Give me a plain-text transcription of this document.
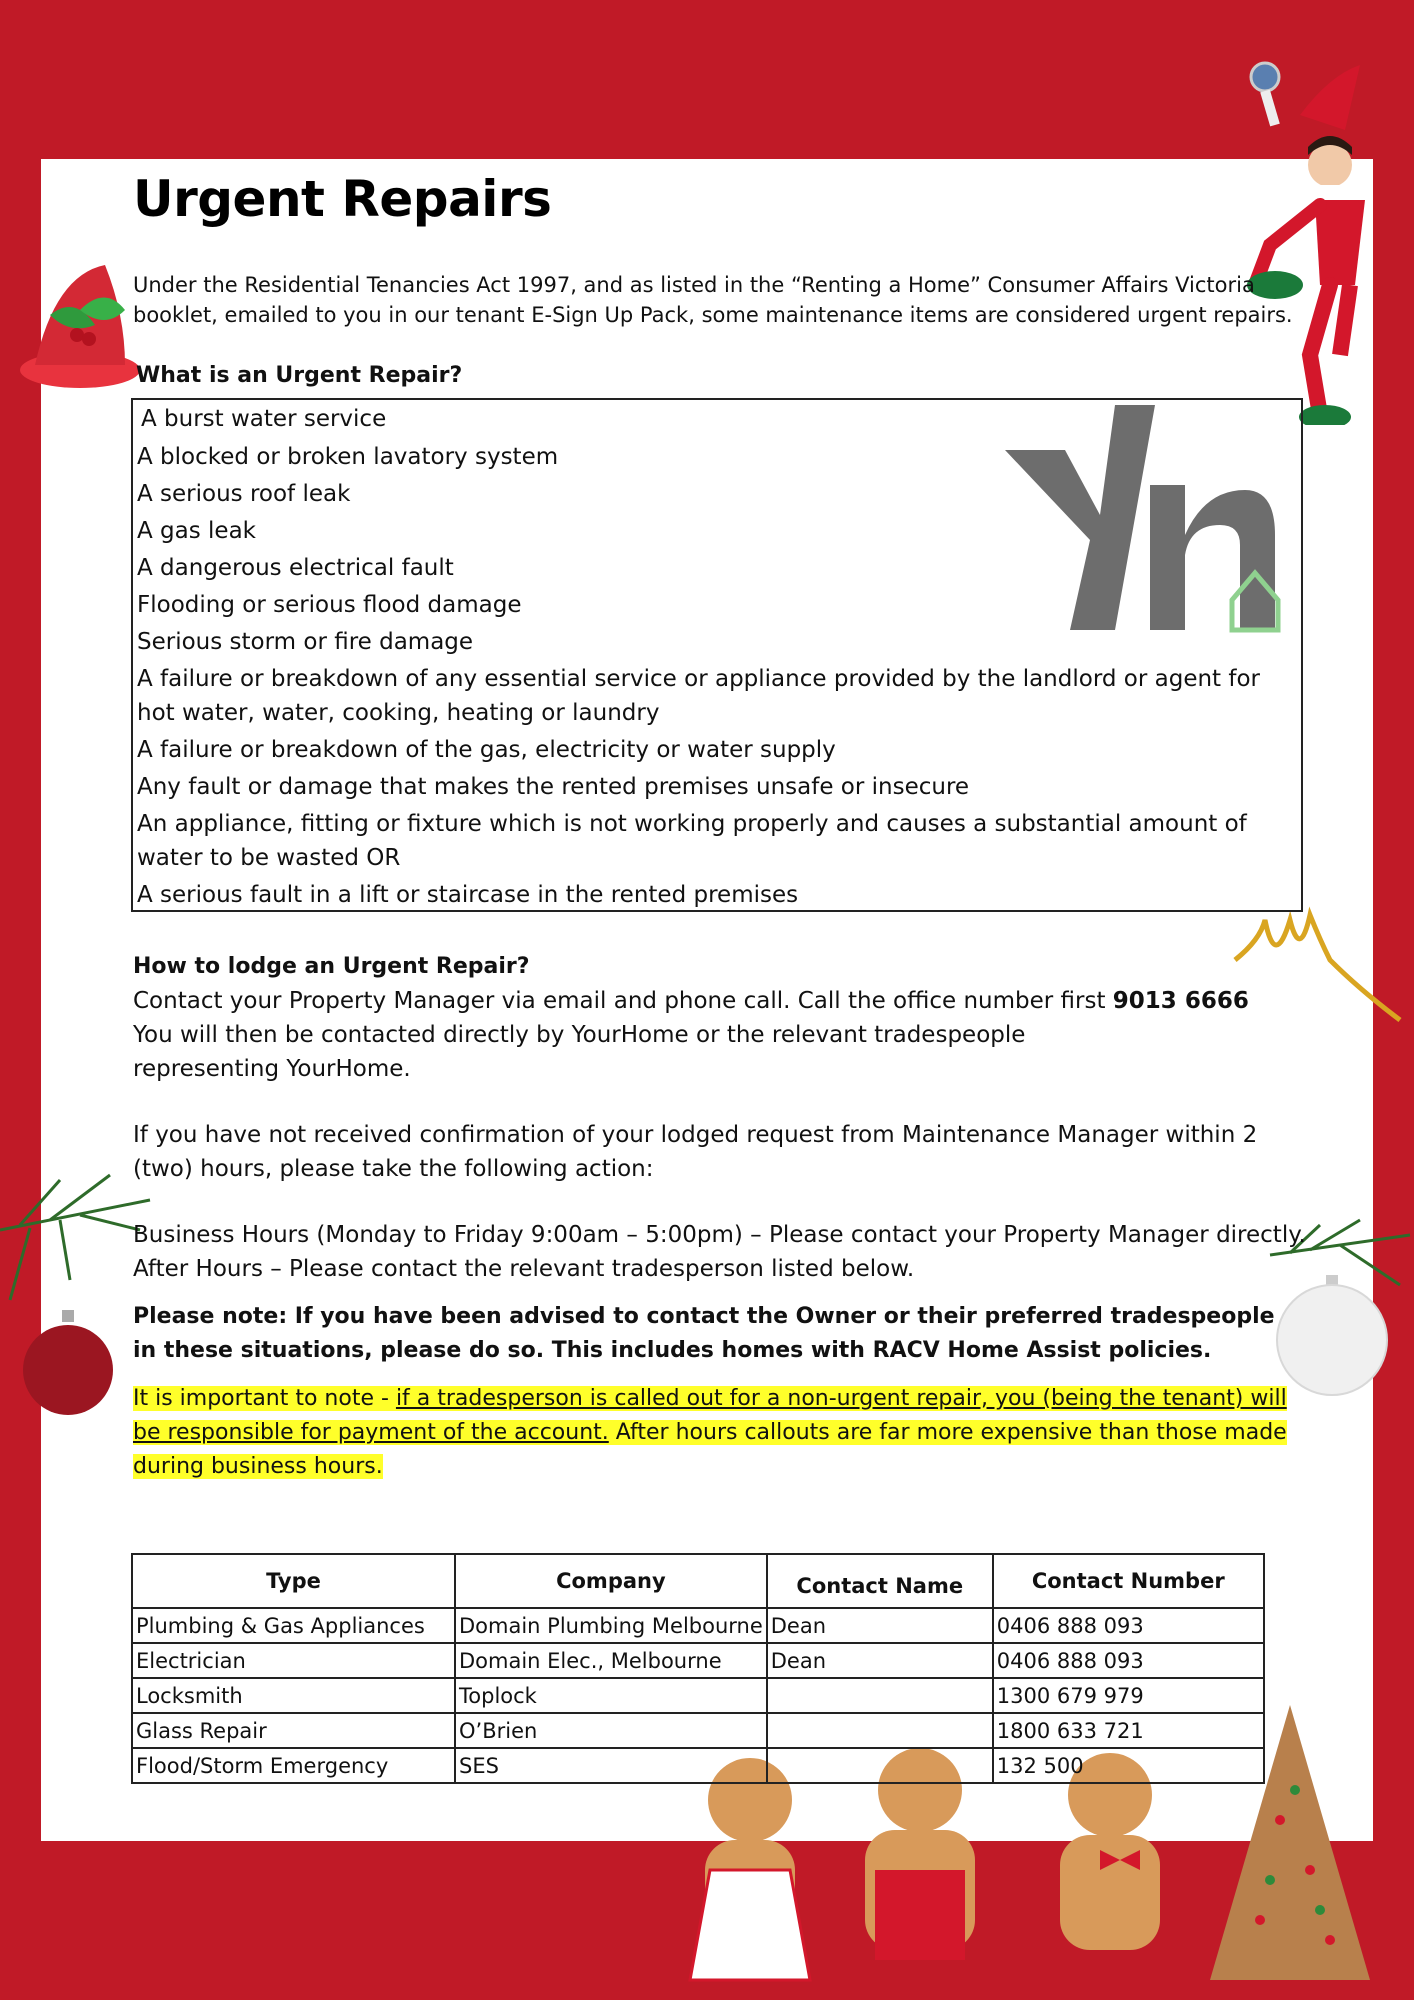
Urgent Repairs
Under the Residential Tenancies Act 1997, and as listed in the “Renting a Home” Consumer Affairs Victoria booklet, emailed to you in our tenant E-Sign Up Pack, some maintenance items are considered urgent repairs.
What is an Urgent Repair?
A burst water service
A blocked or broken lavatory system
A serious roof leak
A gas leak
A dangerous electrical fault
Flooding or serious flood damage
Serious storm or fire damage
A failure or breakdown of any essential service or appliance provided by the landlord or agent for hot water, water, cooking, heating or laundry
A failure or breakdown of the gas, electricity or water supply
Any fault or damage that makes the rented premises unsafe or insecure
An appliance, fitting or fixture which is not working properly and causes a substantial amount of water to be wasted OR
A serious fault in a lift or staircase in the rented premises

How to lodge an Urgent Repair?

Contact your Property Manager via email and phone call. Call the office number first 9013 6666

You will then be contacted directly by YourHome or the relevant tradespeople representing YourHome.

If you have not received confirmation of your lodged request from Maintenance Manager within 2 (two) hours, please take the following action:

Business Hours (Monday to Friday 9:00am – 5:00pm) – Please contact your Property Manager directly.

After Hours – Please contact the relevant tradesperson listed below.

Please note: If you have been advised to contact the Owner or their preferred tradespeople in these situations, please do so. This includes homes with RACV Home Assist policies.

It is important to note - if a tradesperson is called out for a non-urgent repair, you (being the tenant) will be responsible for payment of the account. After hours callouts are far more expensive than those made during business hours.

Type	Company	Contact Name	Contact Number
Plumbing & Gas Appliances	Domain Plumbing Melbourne	Dean	0406 888 093
Electrician	Domain Elec., Melbourne	Dean	0406 888 093
Locksmith	Toplock		1300 679 979
Glass Repair	O’Brien		1800 633 721
Flood/Storm Emergency	SES		132 500
